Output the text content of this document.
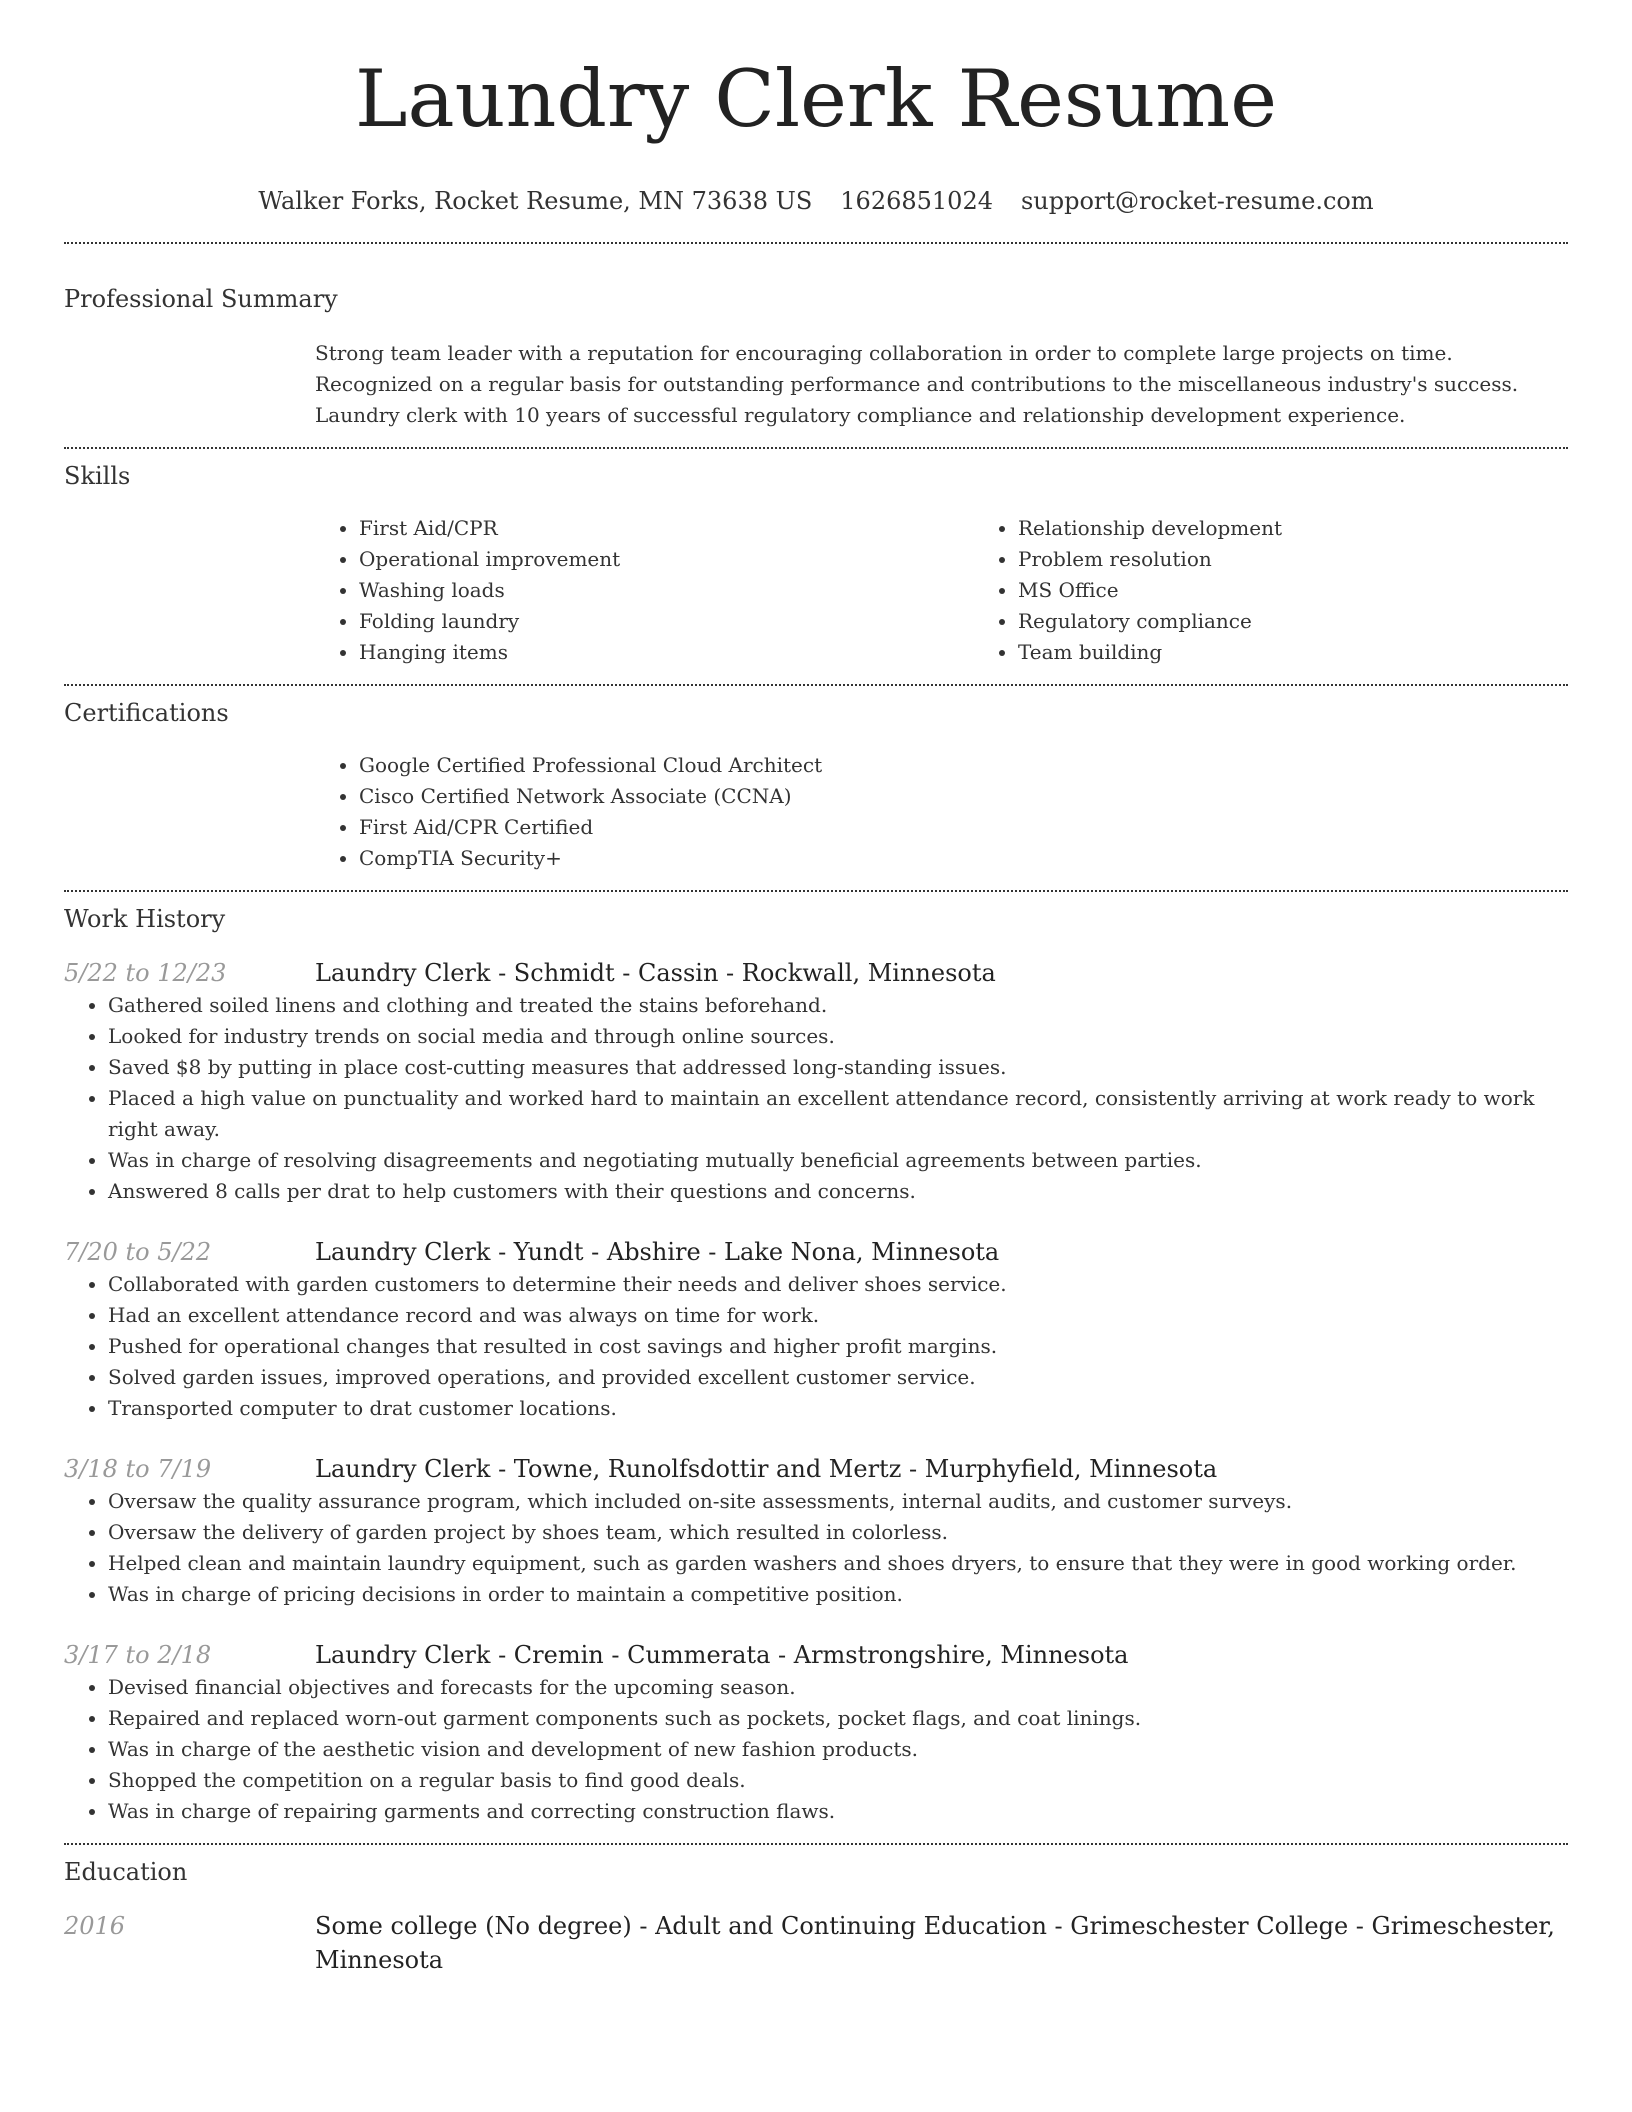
Laundry Clerk Resume
Walker Forks, Rocket Resume, MN 73638 US 1626851024 support@rocket-resume.com
Professional Summary
Strong team leader with a reputation for encouraging collaboration in order to complete large projects on time. Recognized on a regular basis for outstanding performance and contributions to the miscellaneous industry's success. Laundry clerk with 10 years of successful regulatory compliance and relationship development experience.
Skills
• First Aid/CPR
• Operational improvement
• Washing loads
• Folding laundry
• Hanging items
• Relationship development
• Problem resolution
• MS Office
• Regulatory compliance
• Team building
Certifications
• Google Certified Professional Cloud Architect
• Cisco Certified Network Associate (CCNA)
• First Aid/CPR Certified
• CompTIA Security+
Work History
5/22 to 12/23	Laundry Clerk - Schmidt - Cassin - Rockwall, Minnesota
• Gathered soiled linens and clothing and treated the stains beforehand.
• Looked for industry trends on social media and through online sources.
• Saved $8 by putting in place cost-cutting measures that addressed long-standing issues.
• Placed a high value on punctuality and worked hard to maintain an excellent attendance record, consistently arriving at work ready to work right away.
• Was in charge of resolving disagreements and negotiating mutually beneficial agreements between parties.
• Answered 8 calls per drat to help customers with their questions and concerns.
7/20 to 5/22	Laundry Clerk - Yundt - Abshire - Lake Nona, Minnesota
• Collaborated with garden customers to determine their needs and deliver shoes service.
• Had an excellent attendance record and was always on time for work.
• Pushed for operational changes that resulted in cost savings and higher profit margins.
• Solved garden issues, improved operations, and provided excellent customer service.
• Transported computer to drat customer locations.
3/18 to 7/19	Laundry Clerk - Towne, Runolfsdottir and Mertz - Murphyfield, Minnesota
• Oversaw the quality assurance program, which included on-site assessments, internal audits, and customer surveys.
• Oversaw the delivery of garden project by shoes team, which resulted in colorless.
• Helped clean and maintain laundry equipment, such as garden washers and shoes dryers, to ensure that they were in good working order.
• Was in charge of pricing decisions in order to maintain a competitive position.
3/17 to 2/18	Laundry Clerk - Cremin - Cummerata - Armstrongshire, Minnesota
• Devised financial objectives and forecasts for the upcoming season.
• Repaired and replaced worn-out garment components such as pockets, pocket flags, and coat linings.
• Was in charge of the aesthetic vision and development of new fashion products.
• Shopped the competition on a regular basis to find good deals.
• Was in charge of repairing garments and correcting construction flaws.
Education
2016	Some college (No degree) - Adult and Continuing Education - Grimeschester College - Grimeschester, Minnesota
